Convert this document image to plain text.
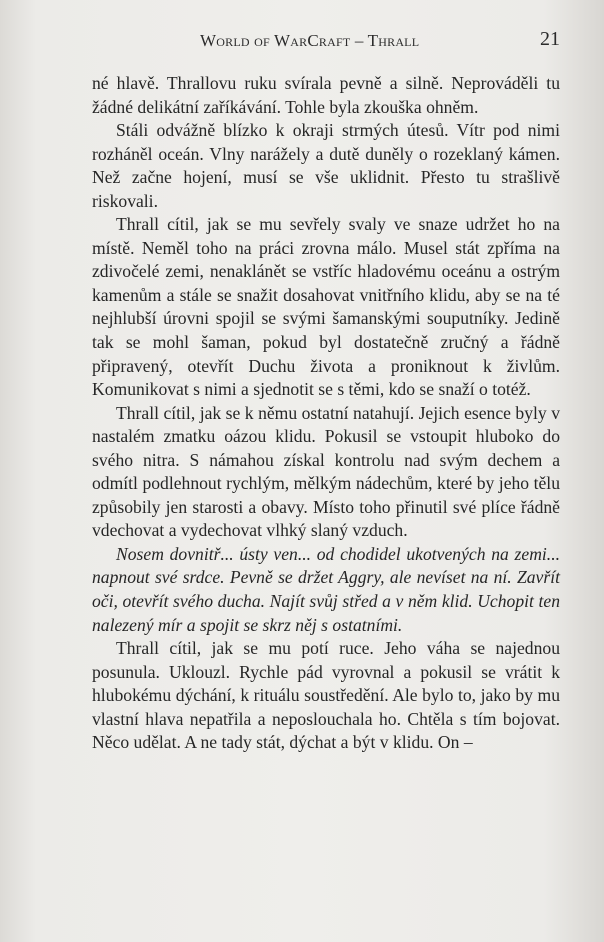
World of WarCraft – Thrall	21

né hlavě. Thrallovu ruku svírala pevně a silně. Neprováděli tu žádné delikátní zaříkávání. Tohle byla zkouška ohněm.

Stáli odvážně blízko k okraji strmých útesů. Vítr pod nimi rozháněl oceán. Vlny narážely a dutě duněly o rozeklaný kámen. Než začne hojení, musí se vše uklidnit. Přesto tu strašlivě riskovali.

Thrall cítil, jak se mu sevřely svaly ve snaze udržet ho na místě. Neměl toho na práci zrovna málo. Musel stát zpříma na zdivočelé zemi, nenaklánět se vstříc hladovému oceánu a ostrým kamenům a stále se snažit dosahovat vnitřního klidu, aby se na té nejhlubší úrovni spojil se svými šamanskými souputníky. Jedině tak se mohl šaman, pokud byl dostatečně zručný a řádně připravený, otevřít Duchu života a proniknout k živlům. Komunikovat s nimi a sjednotit se s těmi, kdo se snaží o totéž.

Thrall cítil, jak se k němu ostatní natahují. Jejich esence byly v nastalém zmatku oázou klidu. Pokusil se vstoupit hluboko do svého nitra. S námahou získal kontrolu nad svým dechem a odmítl podlehnout rychlým, mělkým nádechům, které by jeho tělu způsobily jen starosti a obavy. Místo toho přinutil své plíce řádně vdechovat a vydechovat vlhký slaný vzduch.

Nosem dovnitř... ústy ven... od chodidel ukotvených na zemi... napnout své srdce. Pevně se držet Aggry, ale nevíset na ní. Zavřít oči, otevřít svého ducha. Najít svůj střed a v něm klid. Uchopit ten nalezený mír a spojit se skrz něj s ostatními.

Thrall cítil, jak se mu potí ruce. Jeho váha se najednou posunula. Uklouzl. Rychle pád vyrovnal a pokusil se vrátit k hlubokému dýchání, k rituálu soustředění. Ale bylo to, jako by mu vlastní hlava nepatřila a neposlouchala ho. Chtěla s tím bojovat. Něco udělat. A ne tady stát, dýchat a být v klidu. On –
